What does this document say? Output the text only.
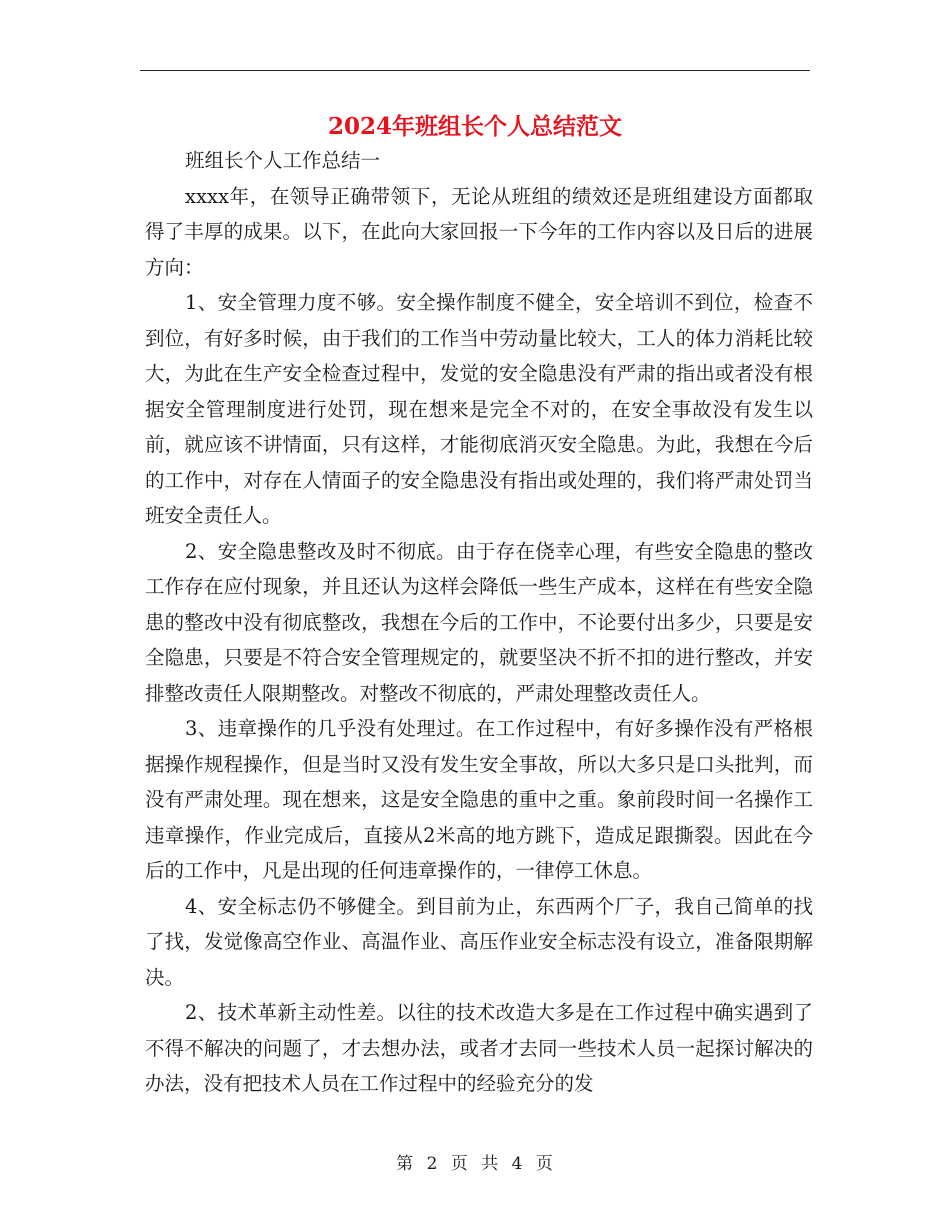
2024年班组长个人总结范文

班组长个人工作总结一

xxxx年，在领导正确带领下，无论从班组的绩效还是班组建设方面都取得了丰厚的成果。以下，在此向大家回报一下今年的工作内容以及日后的进展方向：

1、安全管理力度不够。安全操作制度不健全，安全培训不到位，检查不到位，有好多时候，由于我们的工作当中劳动量比较大，工人的体力消耗比较大，为此在生产安全检查过程中，发觉的安全隐患没有严肃的指出或者没有根据安全管理制度进行处罚，现在想来是完全不对的，在安全事故没有发生以前，就应该不讲情面，只有这样，才能彻底消灭安全隐患。为此，我想在今后的工作中，对存在人情面子的安全隐患没有指出或处理的，我们将严肃处罚当班安全责任人。

2、安全隐患整改及时不彻底。由于存在侥幸心理，有些安全隐患的整改工作存在应付现象，并且还认为这样会降低一些生产成本，这样在有些安全隐患的整改中没有彻底整改，我想在今后的工作中，不论要付出多少，只要是安全隐患，只要是不符合安全管理规定的，就要坚决不折不扣的进行整改，并安排整改责任人限期整改。对整改不彻底的，严肃处理整改责任人。

3、违章操作的几乎没有处理过。在工作过程中，有好多操作没有严格根据操作规程操作，但是当时又没有发生安全事故，所以大多只是口头批判，而没有严肃处理。现在想来，这是安全隐患的重中之重。象前段时间一名操作工违章操作，作业完成后，直接从2米高的地方跳下，造成足跟撕裂。因此在今后的工作中，凡是出现的任何违章操作的，一律停工休息。

4、安全标志仍不够健全。到目前为止，东西两个厂子，我自己简单的找了找，发觉像高空作业、高温作业、高压作业安全标志没有设立，准备限期解决。

2、技术革新主动性差。以往的技术改造大多是在工作过程中确实遇到了不得不解决的问题了，才去想办法，或者才去同一些技术人员一起探讨解决的办法，没有把技术人员在工作过程中的经验充分的发

第 2 页 共 4 页
